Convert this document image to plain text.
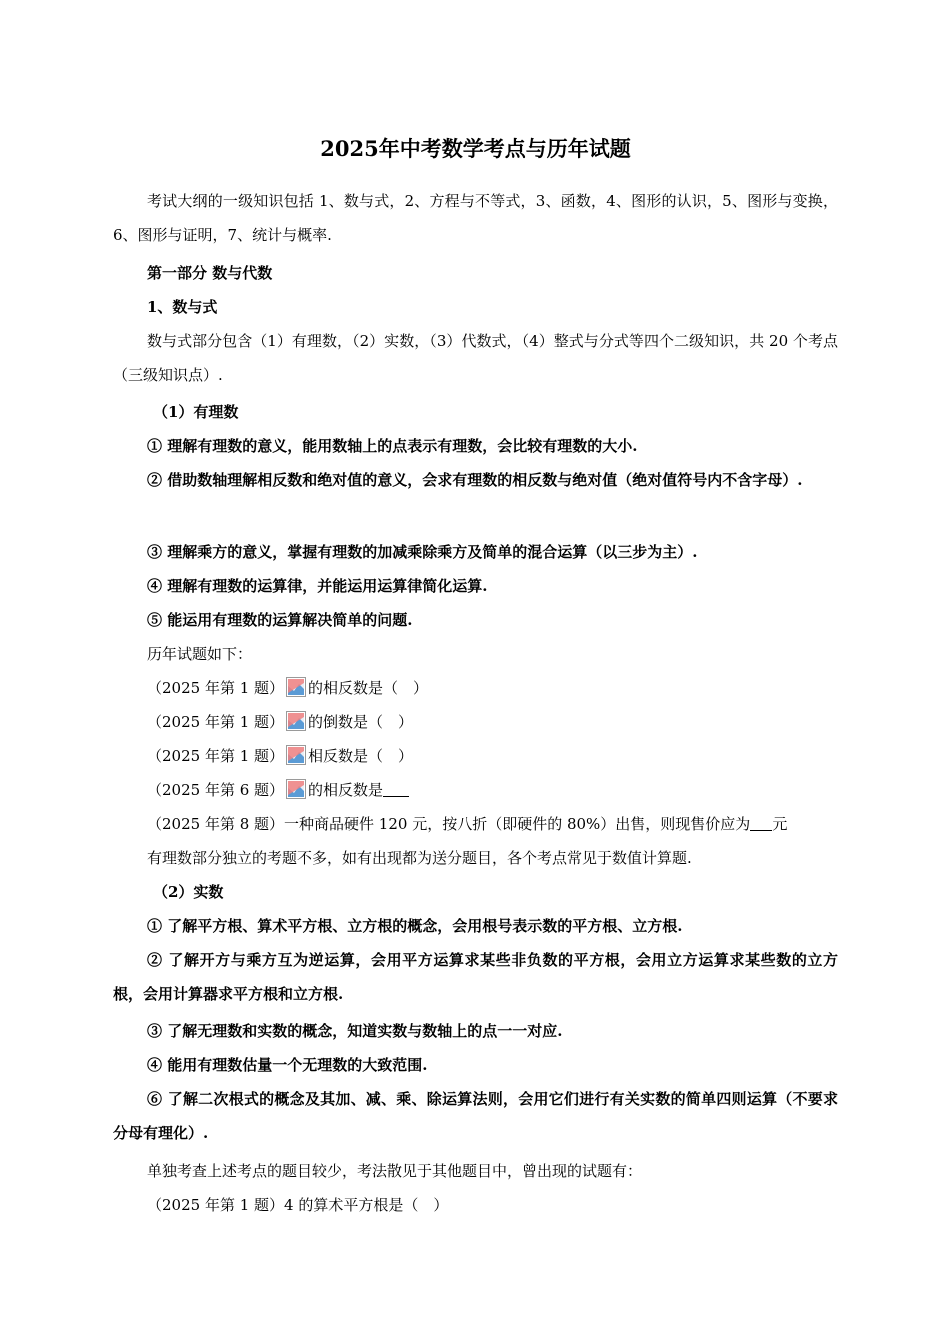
2025年中考数学考点与历年试题
考试大纲的一级知识包括 1、数与式，2、方程与不等式，3、函数，4、图形的认识，5、图形与变换，6、图形与证明，7、统计与概率.
第一部分 数与代数
1、数与式
数与式部分包含（1）有理数，（2）实数，（3）代数式，（4）整式与分式等四个二级知识，共 20 个考点（三级知识点）.
（1）有理数
① 理解有理数的意义，能用数轴上的点表示有理数，会比较有理数的大小.
② 借助数轴理解相反数和绝对值的意义，会求有理数的相反数与绝对值（绝对值符号内不含字母）.
③ 理解乘方的意义，掌握有理数的加减乘除乘方及简单的混合运算（以三步为主）.
④ 理解有理数的运算律，并能运用运算律简化运算.
⑤ 能运用有理数的运算解决简单的问题.
历年试题如下：
（2025 年第 1 题） 的相反数是（　）
（2025 年第 1 题） 的倒数是（　）
（2025 年第 1 题） 相反数是（　）
（2025 年第 6 题） 的相反数是
（2025 年第 8 题）一种商品硬件 120 元，按八折（即硬件的 80%）出售，则现售价应为 元
有理数部分独立的考题不多，如有出现都为送分题目，各个考点常见于数值计算题.
（2）实数
① 了解平方根、算术平方根、立方根的概念，会用根号表示数的平方根、立方根.
② 了解开方与乘方互为逆运算，会用平方运算求某些非负数的平方根，会用立方运算求某些数的立方根，会用计算器求平方根和立方根.
③ 了解无理数和实数的概念，知道实数与数轴上的点一一对应.
④ 能用有理数估量一个无理数的大致范围.
⑥ 了解二次根式的概念及其加、减、乘、除运算法则，会用它们进行有关实数的简单四则运算（不要求分母有理化）.
单独考查上述考点的题目较少，考法散见于其他题目中，曾出现的试题有：
（2025 年第 1 题）4 的算术平方根是（　）
